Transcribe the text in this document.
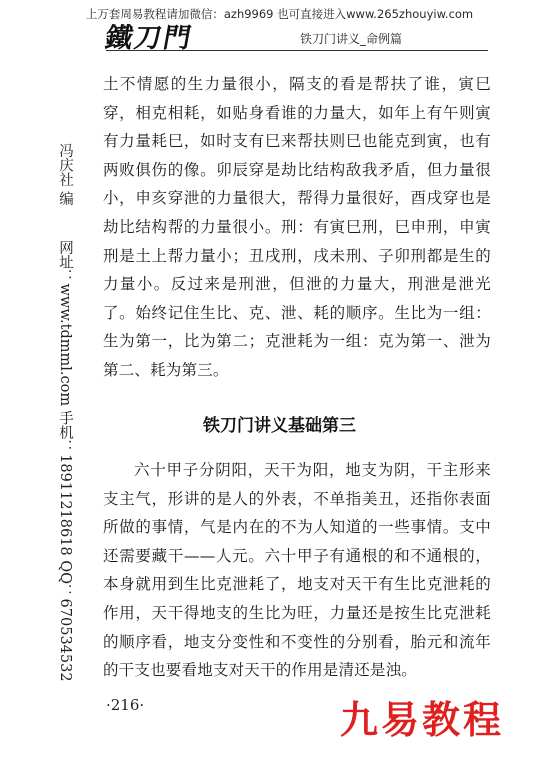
上万套周易教程请加微信：azh9969 也可直接进入www.265zhouyiw.com
鐵刀門	铁刀门讲义_命例篇
冯庆社 编
网址：www.tdmml.com 手机：18911218618 QQ：670534532

土不情愿的生力量很小，隔支的看是帮扶了谁，寅巳穿，相克相耗，如贴身看谁的力量大，如年上有午则寅有力量耗巳，如时支有巳来帮扶则巳也能克到寅，也有两败俱伤的像。卯辰穿是劫比结构敌我矛盾，但力量很小，申亥穿泄的力量很大，帮得力量很好，酉戌穿也是劫比结构帮的力量很小。刑：有寅巳刑，巳申刑，申寅刑是土上帮力量小；丑戌刑，戌未刑、子卯刑都是生的力量小。反过来是刑泄，但泄的力量大，刑泄是泄光了。始终记住生比、克、泄、耗的顺序。生比为一组：生为第一，比为第二；克泄耗为一组：克为第一、泄为第二、耗为第三。

铁刀门讲义基础第三

六十甲子分阴阳，天干为阳，地支为阴，干主形来支主气，形讲的是人的外表，不单指美丑，还指你表面所做的事情，气是内在的不为人知道的一些事情。支中还需要藏干——人元。六十甲子有通根的和不通根的，本身就用到生比克泄耗了，地支对天干有生比克泄耗的作用，天干得地支的生比为旺，力量还是按生比克泄耗的顺序看，地支分变性和不变性的分别看，胎元和流年的干支也要看地支对天干的作用是清还是浊。

·216·	九易教程
